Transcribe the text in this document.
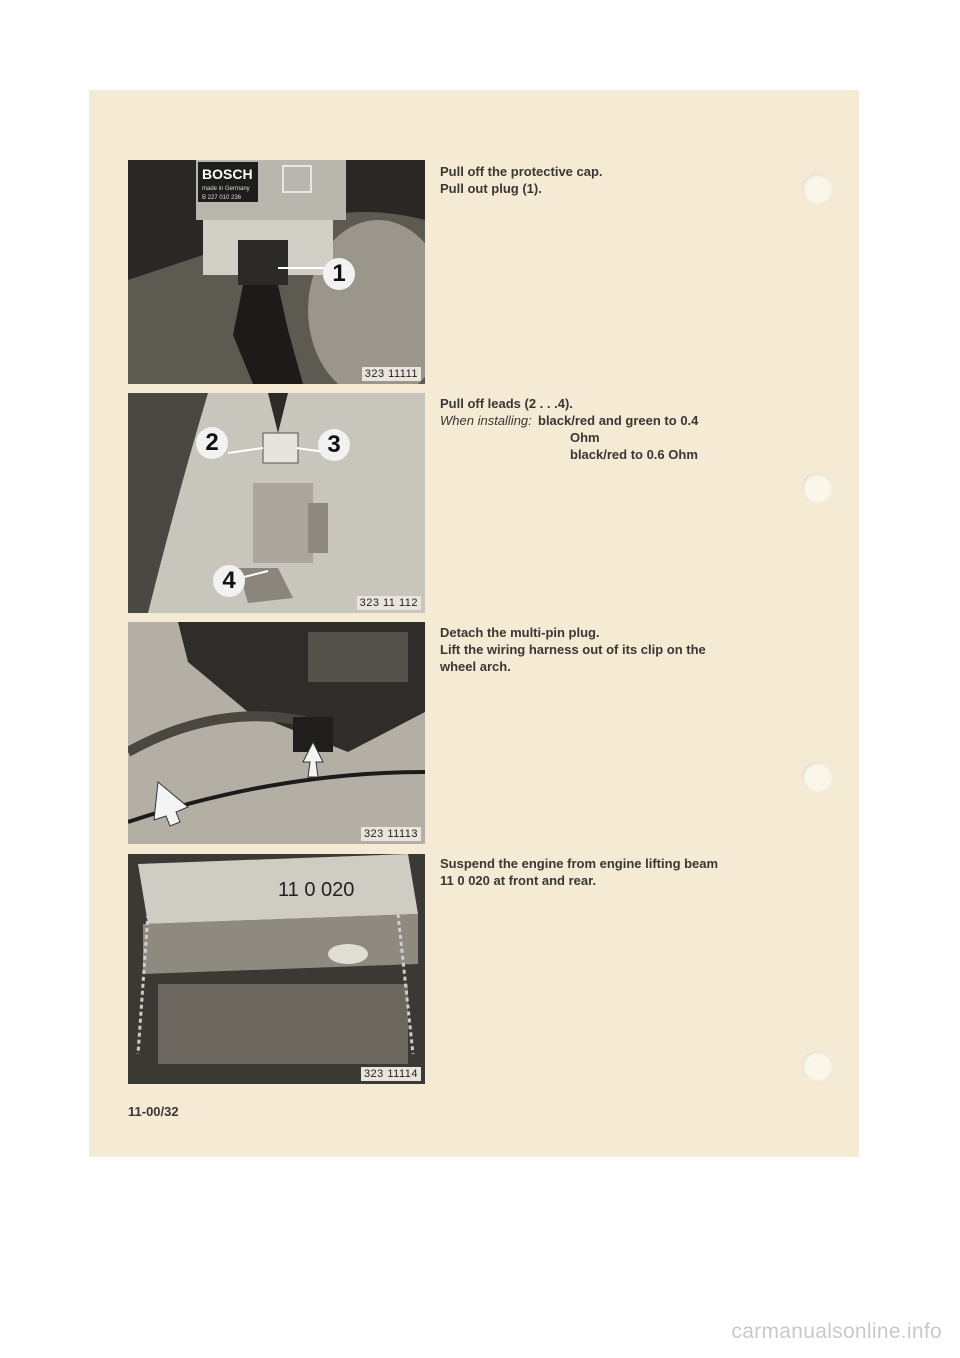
BOSCH
made in Germany
B 227 010 236
1
323 11111
2	3
4
323 11 112
323 11113
11 0 020
323 11114
Pull off the protective cap.
Pull out plug (1).
Pull off leads (2 . . .4).
When installing: black/red and green to 0.4
Ohm
black/red to 0.6 Ohm
Detach the multi-pin plug.
Lift the wiring harness out of its clip on the
wheel arch.
Suspend the engine from engine lifting beam
11 0 020 at front and rear.
11-00/32
carmanualsonline.info
